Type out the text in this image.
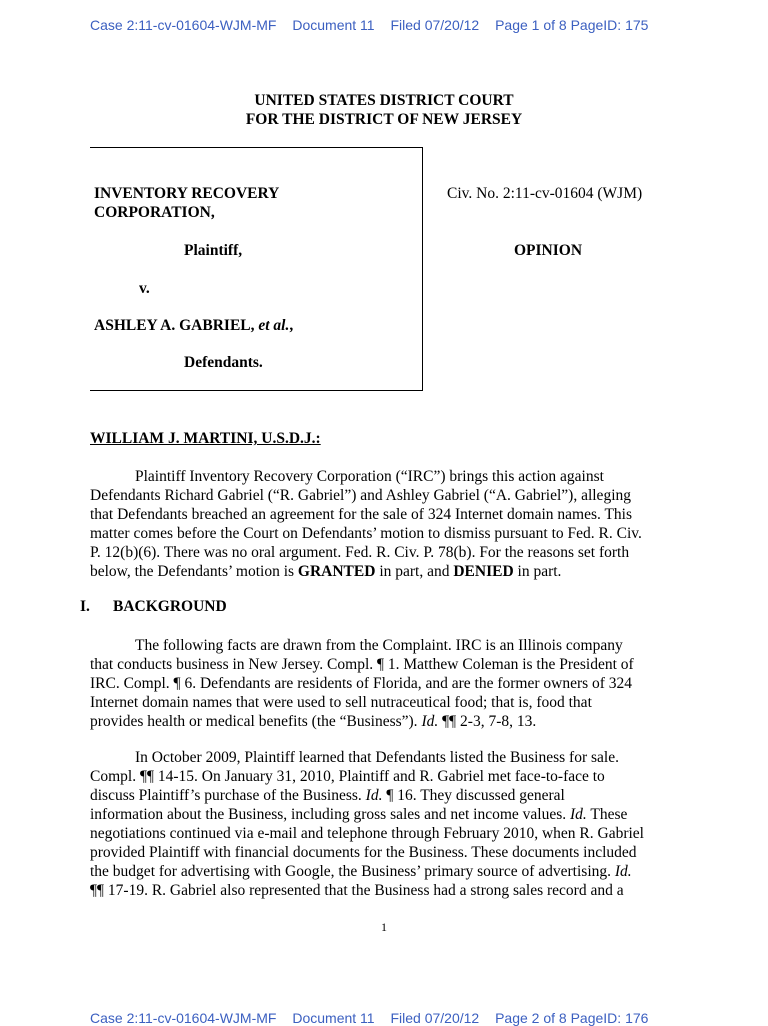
Case 2:11-cv-01604-WJM-MF Document 11 Filed 07/20/12 Page 1 of 8 PageID: 175
UNITED STATES DISTRICT COURT
FOR THE DISTRICT OF NEW JERSEY
INVENTORY RECOVERY
CORPORATION,
Plaintiff,
v.
ASHLEY A. GABRIEL, et al.,
Defendants.
Civ. No. 2:11-cv-01604 (WJM)
OPINION
WILLIAM J. MARTINI, U.S.D.J.:
Plaintiff Inventory Recovery Corporation (“IRC”) brings this action against
Defendants Richard Gabriel (“R. Gabriel”) and Ashley Gabriel (“A. Gabriel”), alleging
that Defendants breached an agreement for the sale of 324 Internet domain names. This
matter comes before the Court on Defendants’ motion to dismiss pursuant to Fed. R. Civ.
P. 12(b)(6). There was no oral argument. Fed. R. Civ. P. 78(b). For the reasons set forth
below, the Defendants’ motion is GRANTED in part, and DENIED in part.
I. BACKGROUND
The following facts are drawn from the Complaint. IRC is an Illinois company
that conducts business in New Jersey. Compl. ¶ 1. Matthew Coleman is the President of
IRC. Compl. ¶ 6. Defendants are residents of Florida, and are the former owners of 324
Internet domain names that were used to sell nutraceutical food; that is, food that
provides health or medical benefits (the “Business”). Id. ¶¶ 2-3, 7-8, 13.
In October 2009, Plaintiff learned that Defendants listed the Business for sale.
Compl. ¶¶ 14-15. On January 31, 2010, Plaintiff and R. Gabriel met face-to-face to
discuss Plaintiff’s purchase of the Business. Id. ¶ 16. They discussed general
information about the Business, including gross sales and net income values. Id. These
negotiations continued via e-mail and telephone through February 2010, when R. Gabriel
provided Plaintiff with financial documents for the Business. These documents included
the budget for advertising with Google, the Business’ primary source of advertising. Id.
¶¶ 17-19. R. Gabriel also represented that the Business had a strong sales record and a
1
Case 2:11-cv-01604-WJM-MF Document 11 Filed 07/20/12 Page 2 of 8 PageID: 176
